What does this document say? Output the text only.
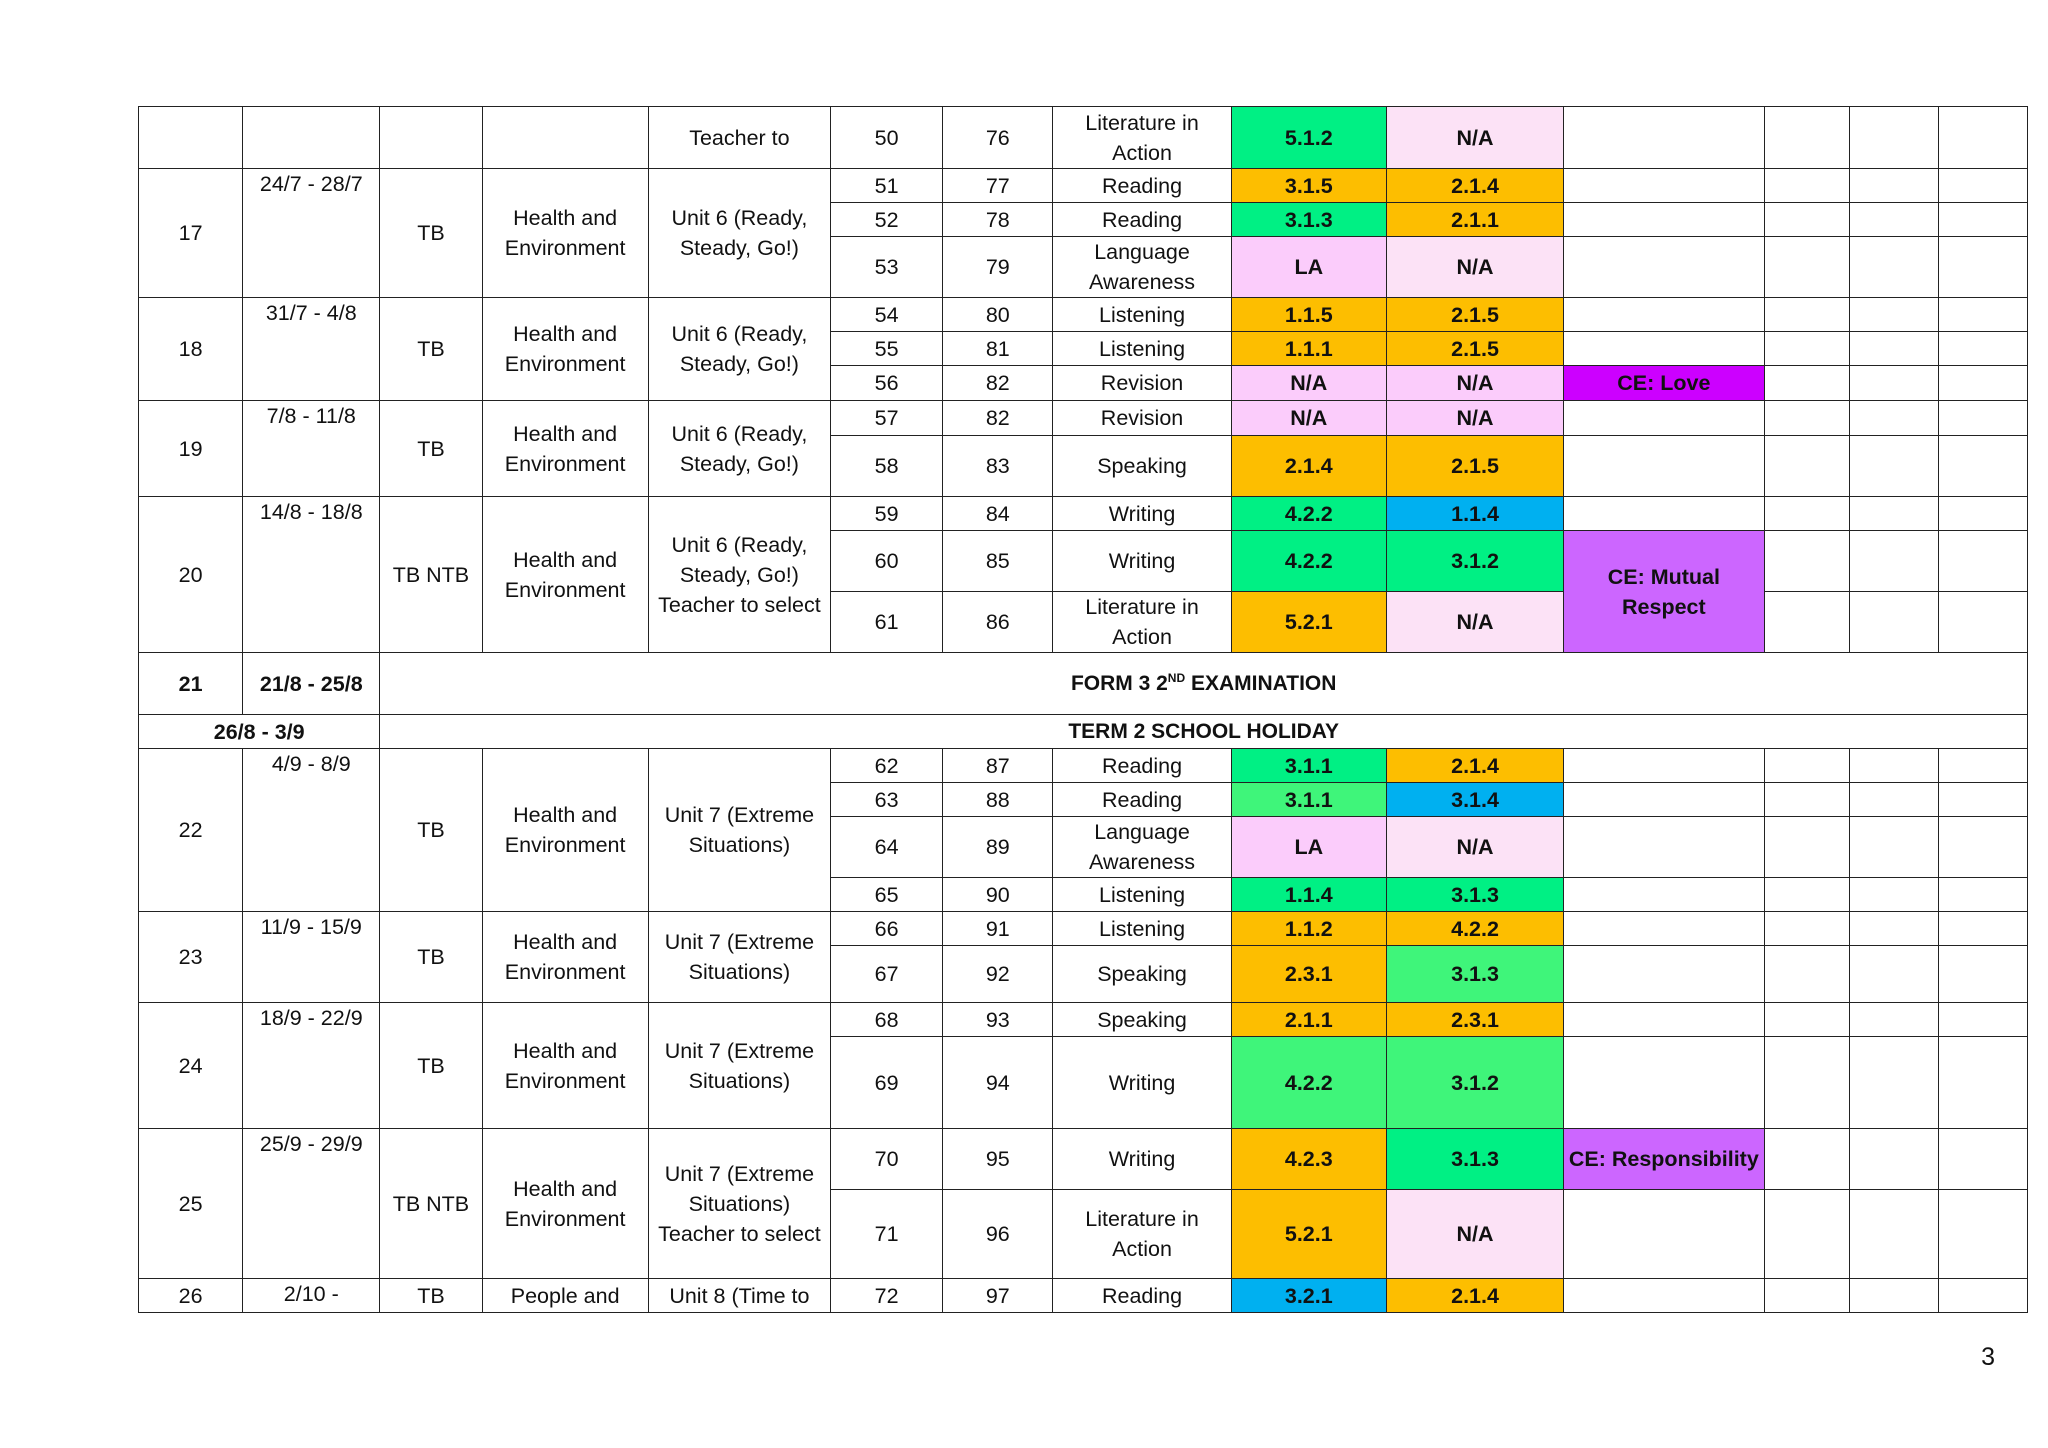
				Teacher to	50	76	Literature in Action	5.1.2	N/A				
17	24/7 - 28/7	TB	Health and Environment	Unit 6 (Ready, Steady, Go!)	51	77	Reading	3.1.5	2.1.4				
					52	78	Reading	3.1.3	2.1.1				
					53	79	Language Awareness	LA	N/A				
18	31/7 - 4/8	TB	Health and Environment	Unit 6 (Ready, Steady, Go!)	54	80	Listening	1.1.5	2.1.5				
					55	81	Listening	1.1.1	2.1.5				
					56	82	Revision	N/A	N/A	CE: Love			
19	7/8 - 11/8	TB	Health and Environment	Unit 6 (Ready, Steady, Go!)	57	82	Revision	N/A	N/A				
					58	83	Speaking	2.1.4	2.1.5				
20	14/8 - 18/8	TB NTB	Health and Environment	Unit 6 (Ready, Steady, Go!) Teacher to select	59	84	Writing	4.2.2	1.1.4				
					60	85	Writing	4.2.2	3.1.2	CE: Mutual Respect			
					61	86	Literature in Action	5.2.1	N/A				
21	21/8 - 25/8	FORM 3 2ND EXAMINATION											
26/8 - 3/9		TERM 2 SCHOOL HOLIDAY											
22	4/9 - 8/9	TB	Health and Environment	Unit 7 (Extreme Situations)	62	87	Reading	3.1.1	2.1.4				
					63	88	Reading	3.1.1	3.1.4				
					64	89	Language Awareness	LA	N/A				
					65	90	Listening	1.1.4	3.1.3				
23	11/9 - 15/9	TB	Health and Environment	Unit 7 (Extreme Situations)	66	91	Listening	1.1.2	4.2.2				
					67	92	Speaking	2.3.1	3.1.3				
24	18/9 - 22/9	TB	Health and Environment	Unit 7 (Extreme Situations)	68	93	Speaking	2.1.1	2.3.1				
					69	94	Writing	4.2.2	3.1.2				
25	25/9 - 29/9	TB NTB	Health and Environment	Unit 7 (Extreme Situations) Teacher to select	70	95	Writing	4.2.3	3.1.3	CE: Responsibility			
					71	96	Literature in Action	5.2.1	N/A				
26	2/10 -	TB	People and	Unit 8 (Time to	72	97	Reading	3.2.1	2.1.4				
3
